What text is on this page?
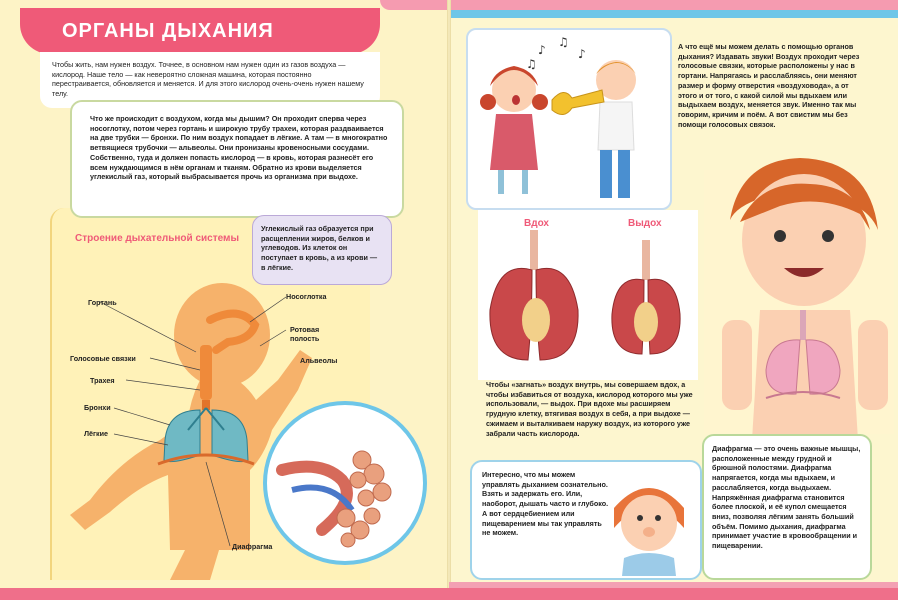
ОРГАНЫ ДЫХАНИЯ
Чтобы жить, нам нужен воздух. Точнее, в основном нам нужен один из газов воздуха — кислород. Наше тело — как невероятно сложная машина, которая постоянно перестраивается, обновляется и меняется. И для этого кислород очень-очень нужен нашему телу.
Строение дыхательной системы
Гортань
Носоглотка
Ротовая полость
Альвеолы
Голосовые связки
Трахея
Бронхи
Лёгкие
Диафрагма
Что же происходит с воздухом, когда мы дышим? Он проходит сперва через носоглотку, потом через гортань и широкую трубу трахеи, которая раздваивается на две трубки — бронхи. По ним воздух попадает в лёгкие. А там — в многократно ветвящиеся трубочки — альвеолы. Они пронизаны кровеносными сосудами. Собственно, туда и должен попасть кислород — в кровь, которая разнесёт его всем нуждающимся в нём органам и тканям. Обратно из крови выделяется углекислый газ, который выбрасывается прочь из организма при выдохе.
Углекислый газ образуется при расщеплении жиров, белков и углеводов. Из клеток он поступает в кровь, а из крови — в лёгкие.
♪
♫
♪
♫
А что ещё мы можем делать с помощью органов дыхания? Издавать звуки! Воздух проходит через голосовые связки, которые расположены у нас в гортани. Напрягаясь и расслабляясь, они меняют размер и форму отверстия «воздуховода», а от этого и от того, с какой силой мы вдыхаем или выдыхаем воздух, меняется звук. Именно так мы говорим, кричим и поём. А вот свистим мы без помощи голосовых связок.
Вдох	Выдох
Чтобы «загнать» воздух внутрь, мы совершаем вдох, а чтобы избавиться от воздуха, кислород которого мы уже использовали, — выдох. При вдохе мы расширяем грудную клетку, втягивая воздух в себя, а при выдохе — сжимаем и выталкиваем наружу воздух, из которого уже забрали часть кислорода.
Интересно, что мы можем управлять дыханием сознательно. Взять и задержать его. Или, наоборот, дышать часто и глубоко. А вот сердцебиением или пищеварением мы так управлять не можем.
Диафрагма — это очень важные мышцы, расположенные между грудной и брюшной полостями. Диафрагма напрягается, когда мы вдыхаем, и расслабляется, когда выдыхаем. Напряжённая диафрагма становится более плоской, и её купол смещается вниз, позволяя лёгким занять больший объём. Помимо дыхания, диафрагма принимает участие в кровообращении и пищеварении.
